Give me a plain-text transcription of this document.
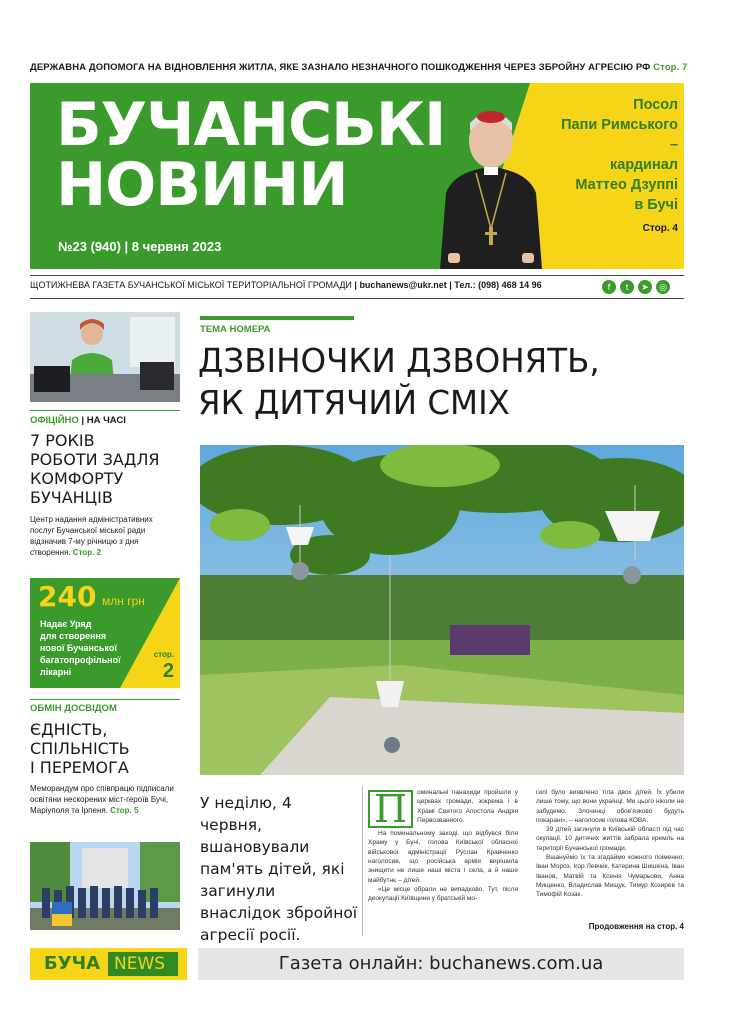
ДЕРЖАВНА ДОПОМОГА НА ВІДНОВЛЕННЯ ЖИТЛА, ЯКЕ ЗАЗНАЛО НЕЗНАЧНОГО ПОШКОДЖЕННЯ ЧЕРЕЗ ЗБРОЙНУ АГРЕСІЮ РФ Стор. 7
БУЧАНСЬКІ
НОВИНИ
№23 (940) | 8 червня 2023
Посол
Папи Римського –
кардинал
Маттео Дзуппі
в Бучі
Стор. 4
ЩОТИЖНЕВА ГАЗЕТА БУЧАНСЬКОЇ МІСЬКОЇ ТЕРИТОРІАЛЬНОЇ ГРОМАДИ | buchanews@ukr.net | Тел.: (098) 468 14 96	f	t	➤	◎
ОФІЦІЙНО | НА ЧАСІ
7 РОКІВ
РОБОТИ ЗАДЛЯ
КОМФОРТУ
БУЧАНЦІВ
Центр надання адміністративних послуг Бучанської міської ради відзначив 7-му річницю з дня створення. Стор. 2
240 млн грн
Надає Уряд
для створення
нової Бучанської
багатопрофільної
лікарні
стор.
2
ОБМІН ДОСВІДОМ
ЄДНІСТЬ,
СПІЛЬНІСТЬ
І ПЕРЕМОГА
Меморандум про співпрацю підписали освітяни нескорених міст-героїв Бучі, Маріуполя та Ірпеня. Стор. 5
ТЕМА НОМЕРА
ДЗВІНОЧКИ ДЗВОНЯТЬ,
ЯК ДИТЯЧИЙ СМІХ
У неділю, 4 червня, вшановували пам'ять дітей, які загинули внаслідок збройної агресії росії.
П	оминальні панахиди пройшли у церквах громади, зокрема і в Храмі Святого Апостола Андрія Первозванного.
На поминальному заході, що відбувся біля Храму у Бучі, голова Київської обласної військової адміністрації Руслан Кравченко наголосив, що російська армія вирішила знищити не лише наші міста і села, а й наше майбутнє – дітей.
«Це місце обрали не випадково. Тут, після деокупації Київщини у братській мо-
гилі було виявлено тіла двох дітей. Їх убили лише тому, що вони українці. Ми цього ніколи не забудемо. Злочинці обов'язково будуть покарані», – наголосив голова КОВА.
39 дітей загинули в Київській області під час окупації. 10 дитячих життів забрала кремль на території Бучанської громади.
Вшануймо їх та згадаймо кожного поіменно: Іван Мороз, Ігор Левчик, Катерина Шишкіна, Іван Іванов, Матвій та Ксенія Чумарьови, Анна Мищенко, Владислав Мищук, Тимур Козирев та Тимофій Козак.
Продовження на стор. 4
БУЧА NEWS	Газета онлайн: buchanews.com.ua
